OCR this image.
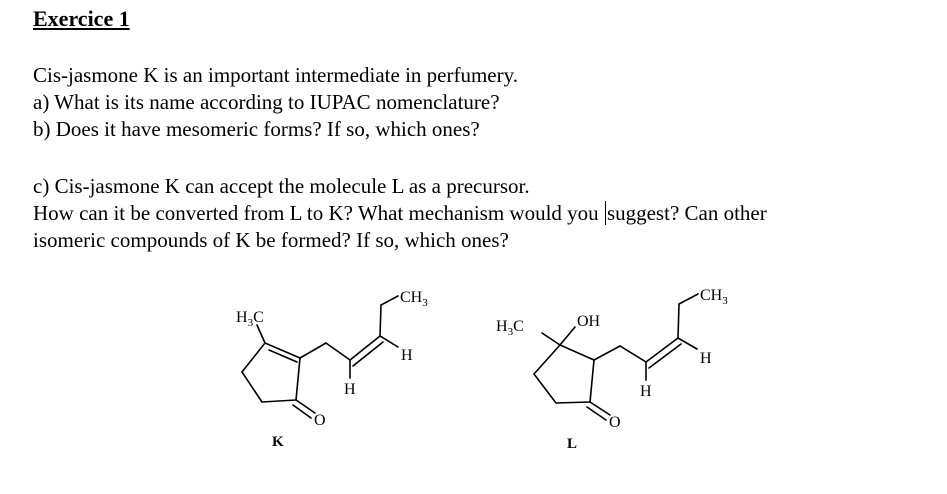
Exercice 1
Cis-jasmone K is an important intermediate in perfumery.
a) What is its name according to IUPAC nomenclature?
b) Does it have mesomeric forms? If so, which ones?
c) Cis-jasmone K can accept the molecule L as a precursor.
How can it be converted from L to K? What mechanism would you suggest? Can other
isomeric compounds of K be formed? If so, which ones?
$H_3C$
$CH_3$
H
H
O
K
$H_3C$	OH
$CH_3$
H
H
O
L
